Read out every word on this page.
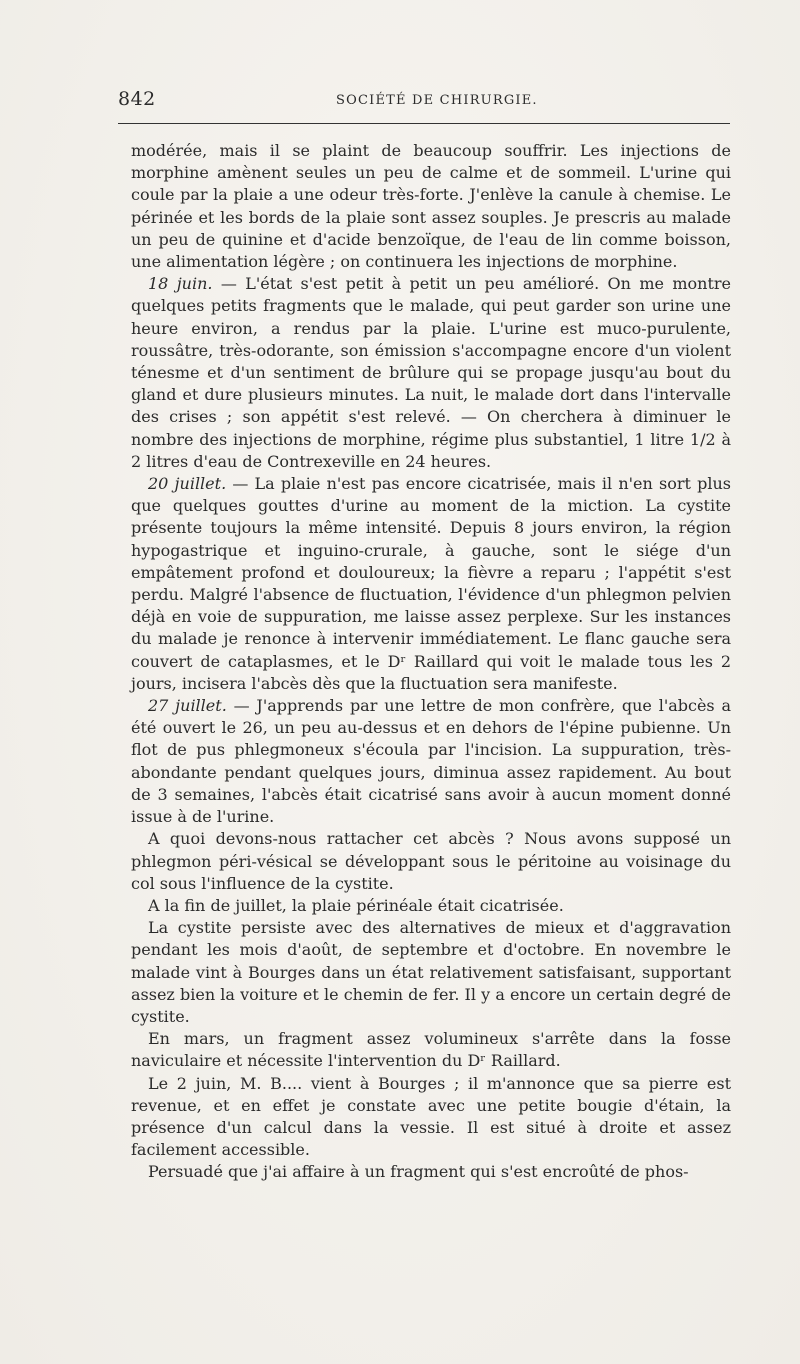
842	SOCIÉTÉ DE CHIRURGIE.

modérée, mais il se plaint de beaucoup souffrir. Les injections de morphine amènent seules un peu de calme et de sommeil. L'urine qui coule par la plaie a une odeur très-forte. J'enlève la canule à chemise. Le périnée et les bords de la plaie sont assez souples. Je prescris au malade un peu de quinine et d'acide benzoïque, de l'eau de lin comme boisson, une alimentation légère ; on continuera les injections de morphine.

18 juin. — L'état s'est petit à petit un peu amélioré. On me montre quelques petits fragments que le malade, qui peut garder son urine une heure environ, a rendus par la plaie. L'urine est muco-purulente, roussâtre, très-odorante, son émission s'accompagne encore d'un violent ténesme et d'un sentiment de brûlure qui se propage jusqu'au bout du gland et dure plusieurs minutes. La nuit, le malade dort dans l'intervalle des crises ; son appétit s'est relevé. — On cherchera à diminuer le nombre des injections de morphine, régime plus substantiel, 1 litre 1/2 à 2 litres d'eau de Contrexeville en 24 heures.

20 juillet. — La plaie n'est pas encore cicatrisée, mais il n'en sort plus que quelques gouttes d'urine au moment de la miction. La cystite présente toujours la même intensité. Depuis 8 jours environ, la région hypogastrique et inguino-crurale, à gauche, sont le siége d'un empâtement profond et douloureux; la fièvre a reparu ; l'appétit s'est perdu. Malgré l'absence de fluctuation, l'évidence d'un phlegmon pelvien déjà en voie de suppuration, me laisse assez perplexe. Sur les instances du malade je renonce à intervenir immédiatement. Le flanc gauche sera couvert de cataplasmes, et le Dʳ Raillard qui voit le malade tous les 2 jours, incisera l'abcès dès que la fluctuation sera manifeste.

27 juillet. — J'apprends par une lettre de mon confrère, que l'abcès a été ouvert le 26, un peu au-dessus et en dehors de l'épine pubienne. Un flot de pus phlegmoneux s'écoula par l'incision. La suppuration, très-abondante pendant quelques jours, diminua assez rapidement. Au bout de 3 semaines, l'abcès était cicatrisé sans avoir à aucun moment donné issue à de l'urine.

A quoi devons-nous rattacher cet abcès ? Nous avons supposé un phlegmon péri-vésical se développant sous le péritoine au voisinage du col sous l'influence de la cystite.

A la fin de juillet, la plaie périnéale était cicatrisée.

La cystite persiste avec des alternatives de mieux et d'aggravation pendant les mois d'août, de septembre et d'octobre. En novembre le malade vint à Bourges dans un état relativement satisfaisant, supportant assez bien la voiture et le chemin de fer. Il y a encore un certain degré de cystite.

En mars, un fragment assez volumineux s'arrête dans la fosse naviculaire et nécessite l'intervention du Dʳ Raillard.

Le 2 juin, M. B.... vient à Bourges ; il m'annonce que sa pierre est revenue, et en effet je constate avec une petite bougie d'étain, la présence d'un calcul dans la vessie. Il est situé à droite et assez facilement accessible.

Persuadé que j'ai affaire à un fragment qui s'est encroûté de phos-
